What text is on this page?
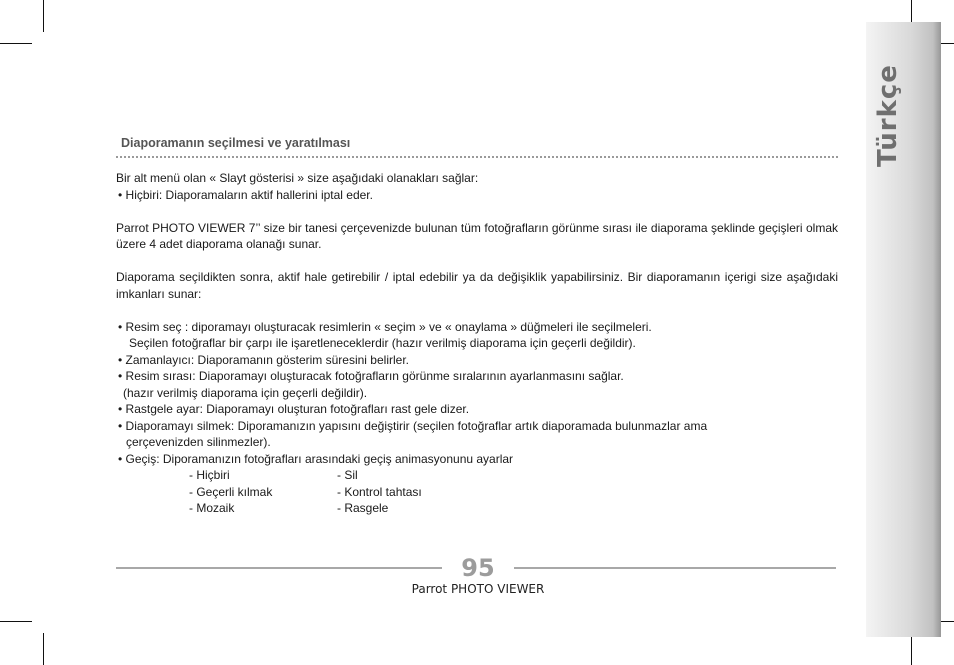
Türkçe
Diaporamanın seçilmesi ve yaratılması

Bir alt menü olan « Slayt gösterisi » size aşağıdaki olanakları sağlar:

• Hiçbiri: Diaporamaların aktif hallerini iptal eder.

Parrot PHOTO VIEWER 7’’ size bir tanesi çerçevenizde bulunan tüm fotoğrafların görünme sırası ile diaporama şeklinde geçişleri olmak üzere 4 adet diaporama olanağı sunar.

Diaporama seçildikten sonra, aktif hale getirebilir / iptal edebilir ya da değişiklik yapabilirsiniz. Bir diaporamanın içerigi size aşağıdaki imkanları sunar:

• Resim seç : diporamayı oluşturacak resimlerin « seçim » ve « onaylama » düğmeleri ile seçilmeleri.

Seçilen fotoğraflar bir çarpı ile işaretleneceklerdir (hazır verilmiş diaporama için geçerli değildir).

• Zamanlayıcı: Diaporamanın gösterim süresini belirler.

• Resim sırası: Diaporamayı oluşturacak fotoğrafların görünme sıralarının ayarlanmasını sağlar.

(hazır verilmiş diaporama için geçerli değildir).

• Rastgele ayar: Diaporamayı oluşturan fotoğrafları rast gele dizer.

• Diaporamayı silmek: Diporamanızın yapısını değiştirir (seçilen fotoğraflar artık diaporamada bulunmazlar ama

çerçevenizden silinmezler).

• Geçiş: Diporamanızın fotoğrafları arasındaki geçiş animasyonunu ayarlar

- Hiçbiri	- Sil
- Geçerli kılmak	- Kontrol tahtası
- Mozaik	- Rasgele
95
Parrot PHOTO VIEWER
